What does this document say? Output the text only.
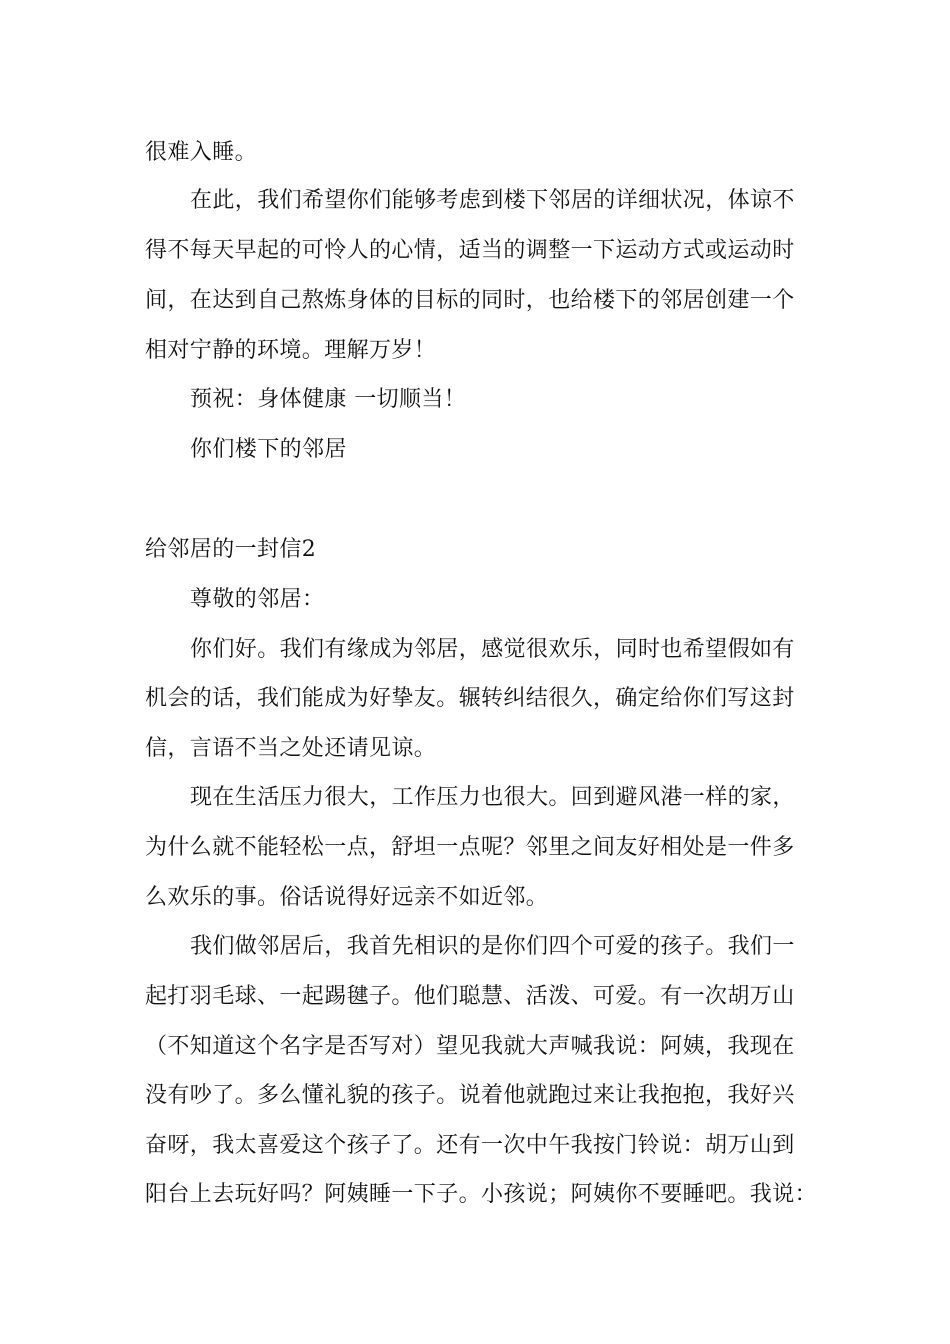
很难入睡。
在此，我们希望你们能够考虑到楼下邻居的详细状况，体谅不
得不每天早起的可怜人的心情，适当的调整一下运动方式或运动时
间，在达到自己熬炼身体的目标的同时，也给楼下的邻居创建一个
相对宁静的环境。理解万岁！
预祝：身体健康 一切顺当！
你们楼下的邻居
给邻居的一封信2
尊敬的邻居：
你们好。我们有缘成为邻居，感觉很欢乐，同时也希望假如有
机会的话，我们能成为好挚友。辗转纠结很久，确定给你们写这封
信，言语不当之处还请见谅。
现在生活压力很大，工作压力也很大。回到避风港一样的家，
为什么就不能轻松一点，舒坦一点呢？邻里之间友好相处是一件多
么欢乐的事。俗话说得好远亲不如近邻。
我们做邻居后，我首先相识的是你们四个可爱的孩子。我们一
起打羽毛球、一起踢毽子。他们聪慧、活泼、可爱。有一次胡万山
（不知道这个名字是否写对）望见我就大声喊我说：阿姨，我现在
没有吵了。多么懂礼貌的孩子。说着他就跑过来让我抱抱，我好兴
奋呀，我太喜爱这个孩子了。还有一次中午我按门铃说：胡万山到
阳台上去玩好吗？阿姨睡一下子。小孩说；阿姨你不要睡吧。我说：
